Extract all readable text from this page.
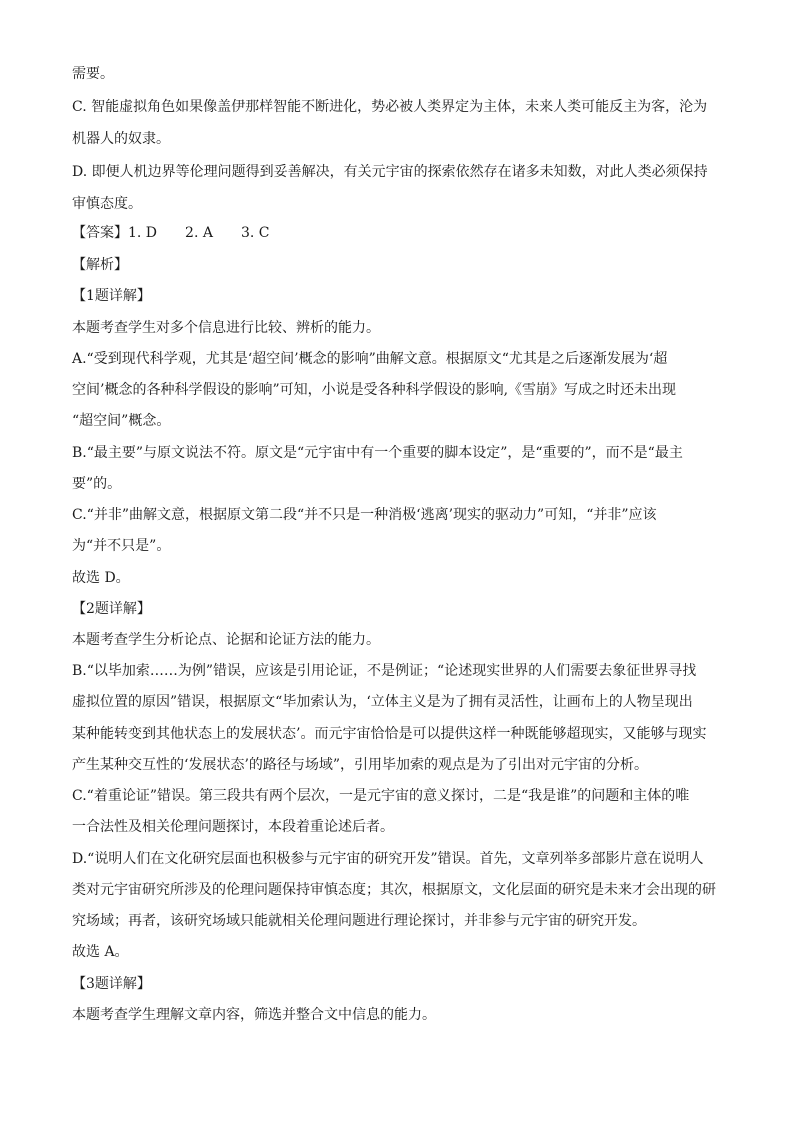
需要。
C. 智能虚拟角色如果像盖伊那样智能不断进化，势必被人类界定为主体，未来人类可能反主为客，沦为
机器人的奴隶。
D. 即便人机边界等伦理问题得到妥善解决，有关元宇宙的探索依然存在诸多未知数，对此人类必须保持
审慎态度。
【答案】1. D　　2. A　　3. C
【解析】
【1题详解】
本题考查学生对多个信息进行比较、辨析的能力。
A.“受到现代科学观，尤其是‘超空间’概念的影响”曲解文意。根据原文“尤其是之后逐渐发展为‘超
空间’概念的各种科学假设的影响”可知，小说是受各种科学假设的影响,《雪崩》写成之时还未出现
“超空间”概念。
B.“最主要”与原文说法不符。原文是“元宇宙中有一个重要的脚本设定”，是“重要的”，而不是“最主
要”的。
C.“并非”曲解文意，根据原文第二段“并不只是一种消极‘逃离’现实的驱动力”可知，“并非”应该
为“并不只是”。
故选 D。
【2题详解】
本题考查学生分析论点、论据和论证方法的能力。
B.“以毕加索……为例”错误，应该是引用论证，不是例证；“论述现实世界的人们需要去象征世界寻找
虚拟位置的原因”错误，根据原文“毕加索认为，‘立体主义是为了拥有灵活性，让画布上的人物呈现出
某种能转变到其他状态上的发展状态’。而元宇宙恰恰是可以提供这样一种既能够超现实，又能够与现实
产生某种交互性的‘发展状态’的路径与场域”，引用毕加索的观点是为了引出对元宇宙的分析。
C.“着重论证”错误。第三段共有两个层次，一是元宇宙的意义探讨，二是“我是谁”的问题和主体的唯
一合法性及相关伦理问题探讨，本段着重论述后者。
D.“说明人们在文化研究层面也积极参与元宇宙的研究开发”错误。首先，文章列举多部影片意在说明人
类对元宇宙研究所涉及的伦理问题保持审慎态度；其次，根据原文，文化层面的研究是未来才会出现的研
究场域；再者，该研究场域只能就相关伦理问题进行理论探讨，并非参与元宇宙的研究开发。
故选 A。
【3题详解】
本题考查学生理解文章内容，筛选并整合文中信息的能力。
